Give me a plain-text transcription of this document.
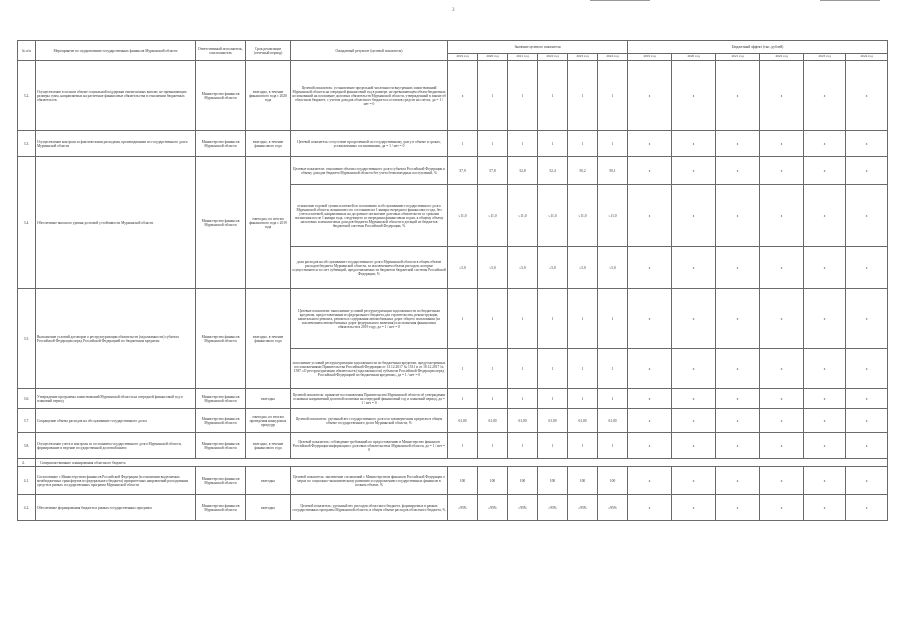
3
№ п/п	Мероприятие по оздоровлению государственных финансов Мурманской области	Ответственный исполнитель, соисполнитель	Срок реализации (отчетный период)	Ожидаемый результат (целевой показатель)	Значение целевого показателя						Бюджетный эффект (тыс. рублей)					
					2019 год	2020 год	2021 год	2022 год	2023 год	2024 год	2019 год	2020 год	2021 год	2022 год	2023 год	2024 год
3.2.	Осуществление в полном объеме социальной поддержки ежемесячных выплат, не превышающих размеры сумм, направляемых на расчетные финансовые обязательства в отношении бюджетных обязательств	Министерство финансов Мурманской области	ежегодно, в течение финансового года с 2020 года	Целевой показатель: установление предельной численности внутренних заимствований Мурманской области на очередной финансовый год в размере, не превышающем объем бюджетных ассигнований на погашение долговых обязательств Мурманской области, утвержденный в законе об областном бюджете, с учетом доходов областного бюджета и остатков средств на счетах, да = 1 / нет = 0	x	1	1	1	1	1	x	x	x	x	x	x
3.3.	Осуществление контроля за фактическими расходами, производимыми из государственного долга Мурманской области	Министерство финансов Мурманской области	ежегодно, в течение финансового года	Целевой показатель: отсутствие просроченной по государственному долгу в объеме и сроках, установленных соглашениями, да = 1 / нет = 0	1	1	1	1	1	1	x	x	x	x	x	x
3.4.	Обеспечение высокого уровня долговой устойчивости Мурманской области	Министерство финансов Мурманской области	ежегодно, по итогам финансового года с 2019 года	Целевые показатели: отношение объема государственного долга субъекта Российской Федерации к объему доходов бюджета Мурманской области без учета безвозмездных поступлений, %	57,9	57,8	52,8	52,4	50,2	50,1	x	x	x	x	x	x
				отношение годовой суммы платежей по погашению и обслуживанию государственного долга Мурманской области, возникшего по состоянию на 1 января очередного финансового года, без учета платежей, направленных на досрочное погашение долговых обязательств со сроками погашения после 1 января года, следующего за очередным финансовым годом, к общему объему налоговых и неналоговых доходов бюджета Мурманской области и дотаций из бюджетов бюджетной системы Российской Федерации, %	≤11,0	≤11,0	≤11,0	≤11,0	≤11,0	≤11,0	x	x	x	x	x	x
				доля расходов на обслуживание государственного долга Мурманской области в общем объеме расходов бюджета Мурманской области, за исключением объема расходов, которые осуществляются за счет субвенций, предоставляемых из бюджетов бюджетной системы Российской Федерации, %	≤5,0	≤5,0	≤5,0	≤5,0	≤5,0	≤5,0	x	x	x	x	x	x
3.5.	Выполнение условий договоров о реструктуризации обязательств (задолженности) субъекта Российской Федерации перед Российской Федерацией по бюджетным кредитам	Министерство финансов Мурманской области	ежегодно, в течение финансового года	Целевые показатели: выполнение условий реструктуризации задолженности по бюджетным кредитам, предоставленным из федерального бюджета для строительства, реконструкции, капитального ремонта, ремонта и содержания автомобильных дорог общего пользования (за исключением автомобильных дорог федерального значения) и исполнения финансовых обязательств в 2019 году, да = 1 / нет = 0	1	1	1	1	1	1	x	x	x	x	x	x
				исполнение условий реструктуризации задолженности по бюджетным кредитам, предусмотренных постановлениями Правительства Российской Федерации от 13.12.2017 № 1531 и от 18.12.2017 № 1587 «О реструктуризации обязательств (задолженности) субъектов Российской Федерации перед Российской Федерацией по бюджетным кредитам», да = 1 / нет = 0	1	1	1	1	1	1	x	x	x	x	x	x
3.6.	Утверждение программы заимствований Мурманской области на очередной финансовый год и плановый период	Министерство финансов Мурманской области	ежегодно	Целевой показатель: принятие постановления Правительства Мурманской области об утверждении основных направлений долговой политики на очередной финансовый год и плановый период, да = 1 / нет = 0	1	1	1	1	1	1	x	x	x	x	x	x
3.7.	Сокращение объема расходов на обслуживание государственного долга	Министерство финансов Мурманской области	ежегодно, по итогам проведения конкурсных процедур	Целевой показатель: удельный вес государственного долга по коммерческим кредитам в общем объеме государственного долга Мурманской области, %	61,00	61,00	61,00	61,00	61,00	61,00	x	x	x	x	x	x
3.8.	Осуществление учета и контроля за состоянием государственного долга Мурманской области, формирование и ведение государственной долговой книги	Министерство финансов Мурманской области	ежегодно, в течение финансового года	Целевой показатель: соблюдение требований по предоставлению в Министерство финансов Российской Федерации информации о долговых обязательствах Мурманской области, да = 1 / нет = 0	1	1	1	1	1	1	x	x	x	x	x	x
4.	Совершенствование планирования областного бюджета															
4.1.	Согласование с Министерством финансов Российской Федерации (в отношении выделяемых межбюджетных трансфертов из федерального бюджета) приоритетных направлений расходования средств в рамках государственных программ Мурманской области	Министерство финансов Мурманской области	ежегодно	Целевой показатель: заключение соглашений с Министерством финансов Российской Федерации о мерах по социально-экономическому развитию и оздоровлению государственных финансов в полном объеме, %	100	100	100	100	100	100	x	x	x	x	x	x
4.2.	Обеспечение формирования бюджета в рамках государственных программ	Министерство финансов Мурманской области	ежегодно	Целевой показатель: удельный вес расходов областного бюджета, формируемых в рамках государственных программ Мурманской области, в общем объеме расходов областного бюджета, %	≥95%	≥95%	≥95%	≥95%	≥95%	≥95%	x	x	x	x	x	x
